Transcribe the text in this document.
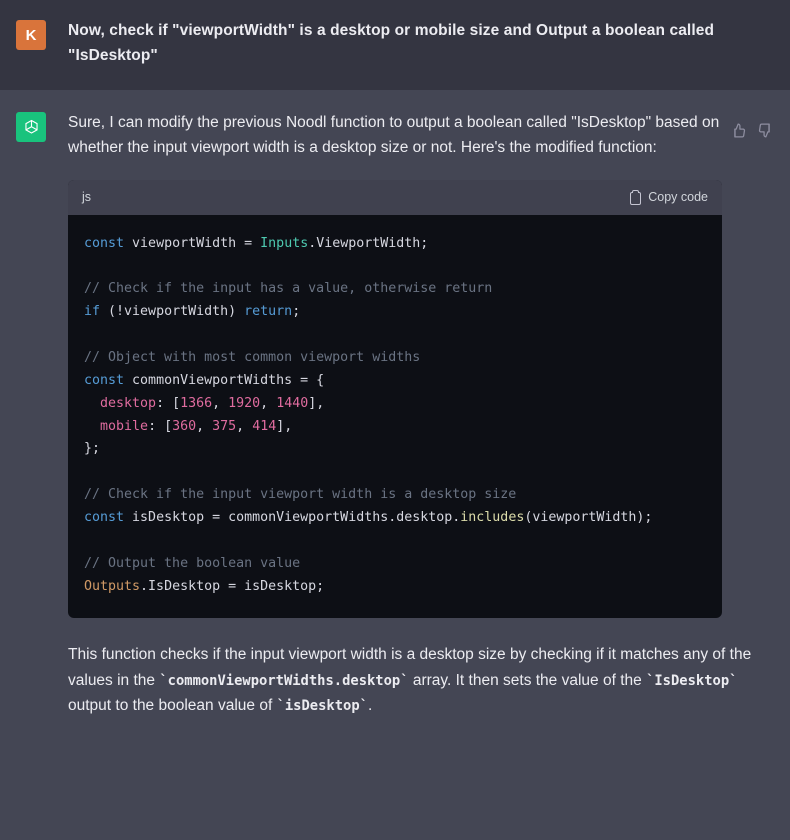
K	Now, check if "viewportWidth" is a desktop or mobile size and Output a boolean called "IsDesktop"

Sure, I can modify the previous Noodl function to output a boolean called "IsDesktop" based on whether the input viewport width is a desktop size or not. Here's the modified function:

js	Copy code
const viewportWidth = Inputs.ViewportWidth;

// Check if the input has a value, otherwise return
if (!viewportWidth) return;

// Object with most common viewport widths
const commonViewportWidths = {
desktop: [1366, 1920, 1440],
mobile: [360, 375, 414],
};

// Check if the input viewport width is a desktop size
const isDesktop = commonViewportWidths.desktop.includes(viewportWidth);

// Output the boolean value
Outputs.IsDesktop = isDesktop;

This function checks if the input viewport width is a desktop size by checking if it matches any of the values in the `commonViewportWidths.desktop` array. It then sets the value of the `IsDesktop` output to the boolean value of `isDesktop`.
